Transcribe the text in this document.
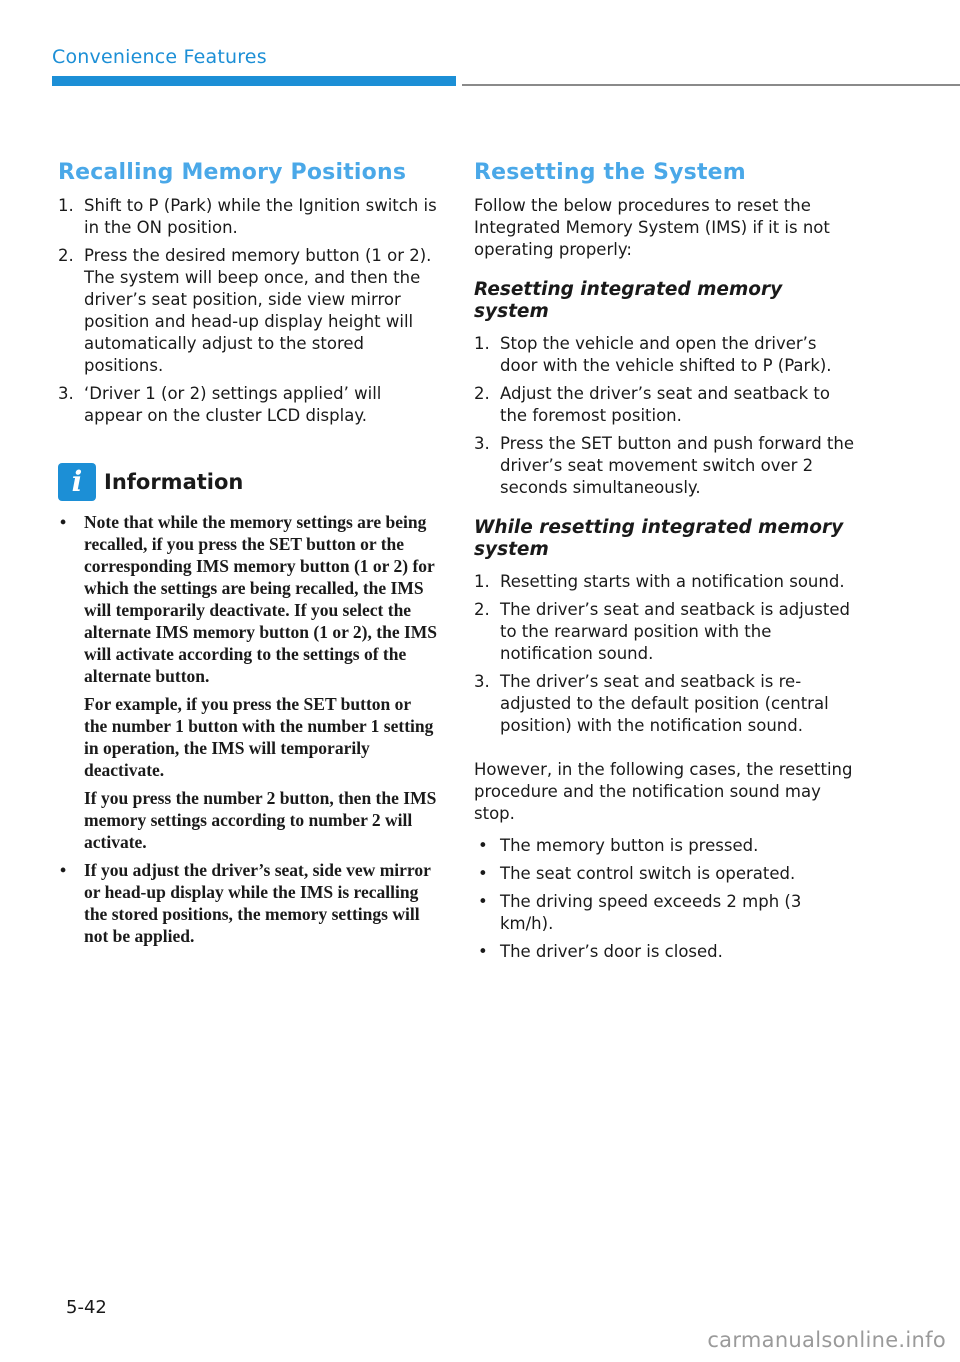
Convenience Features
Recalling Memory Positions
1. Shift to P (Park) while the Ignition switch is in the ON position.
2. Press the desired memory button (1 or 2). The system will beep once, and then the driver’s seat position, side view mirror position and head-up display height will automatically adjust to the stored positions.
3. ‘Driver 1 (or 2) settings applied’ will appear on the cluster LCD display.
i	Information
• Note that while the memory settings are being recalled, if you press the SET button or the corresponding IMS memory button (1 or 2) for which the settings are being recalled, the IMS will temporarily deactivate. If you select the alternate IMS memory button (1 or 2), the IMS will activate according to the settings of the alternate button.

For example, if you press the SET button or the number 1 button with the number 1 setting in operation, the IMS will temporarily deactivate.

If you press the number 2 button, then the IMS memory settings according to number 2 will activate.

• If you adjust the driver’s seat, side vew mirror or head-up display while the IMS is recalling the stored positions, the memory settings will not be applied.

Resetting the System

Follow the below procedures to reset the Integrated Memory System (IMS) if it is not operating properly:

Resetting integrated memory system
1. Stop the vehicle and open the driver’s door with the vehicle shifted to P (Park).
2. Adjust the driver’s seat and seatback to the foremost position.
3. Press the SET button and push forward the driver’s seat movement switch over 2 seconds simultaneously.
While resetting integrated memory system
1. Resetting starts with a notification sound.
2. The driver’s seat and seatback is adjusted to the rearward position with the notification sound.
3. The driver’s seat and seatback is re-adjusted to the default position (central position) with the notification sound.

However, in the following cases, the resetting procedure and the notification sound may stop.

• The memory button is pressed.
• The seat control switch is operated.
• The driving speed exceeds 2 mph (3 km/h).
• The driver’s door is closed.
5-42
carmanualsonline.info
